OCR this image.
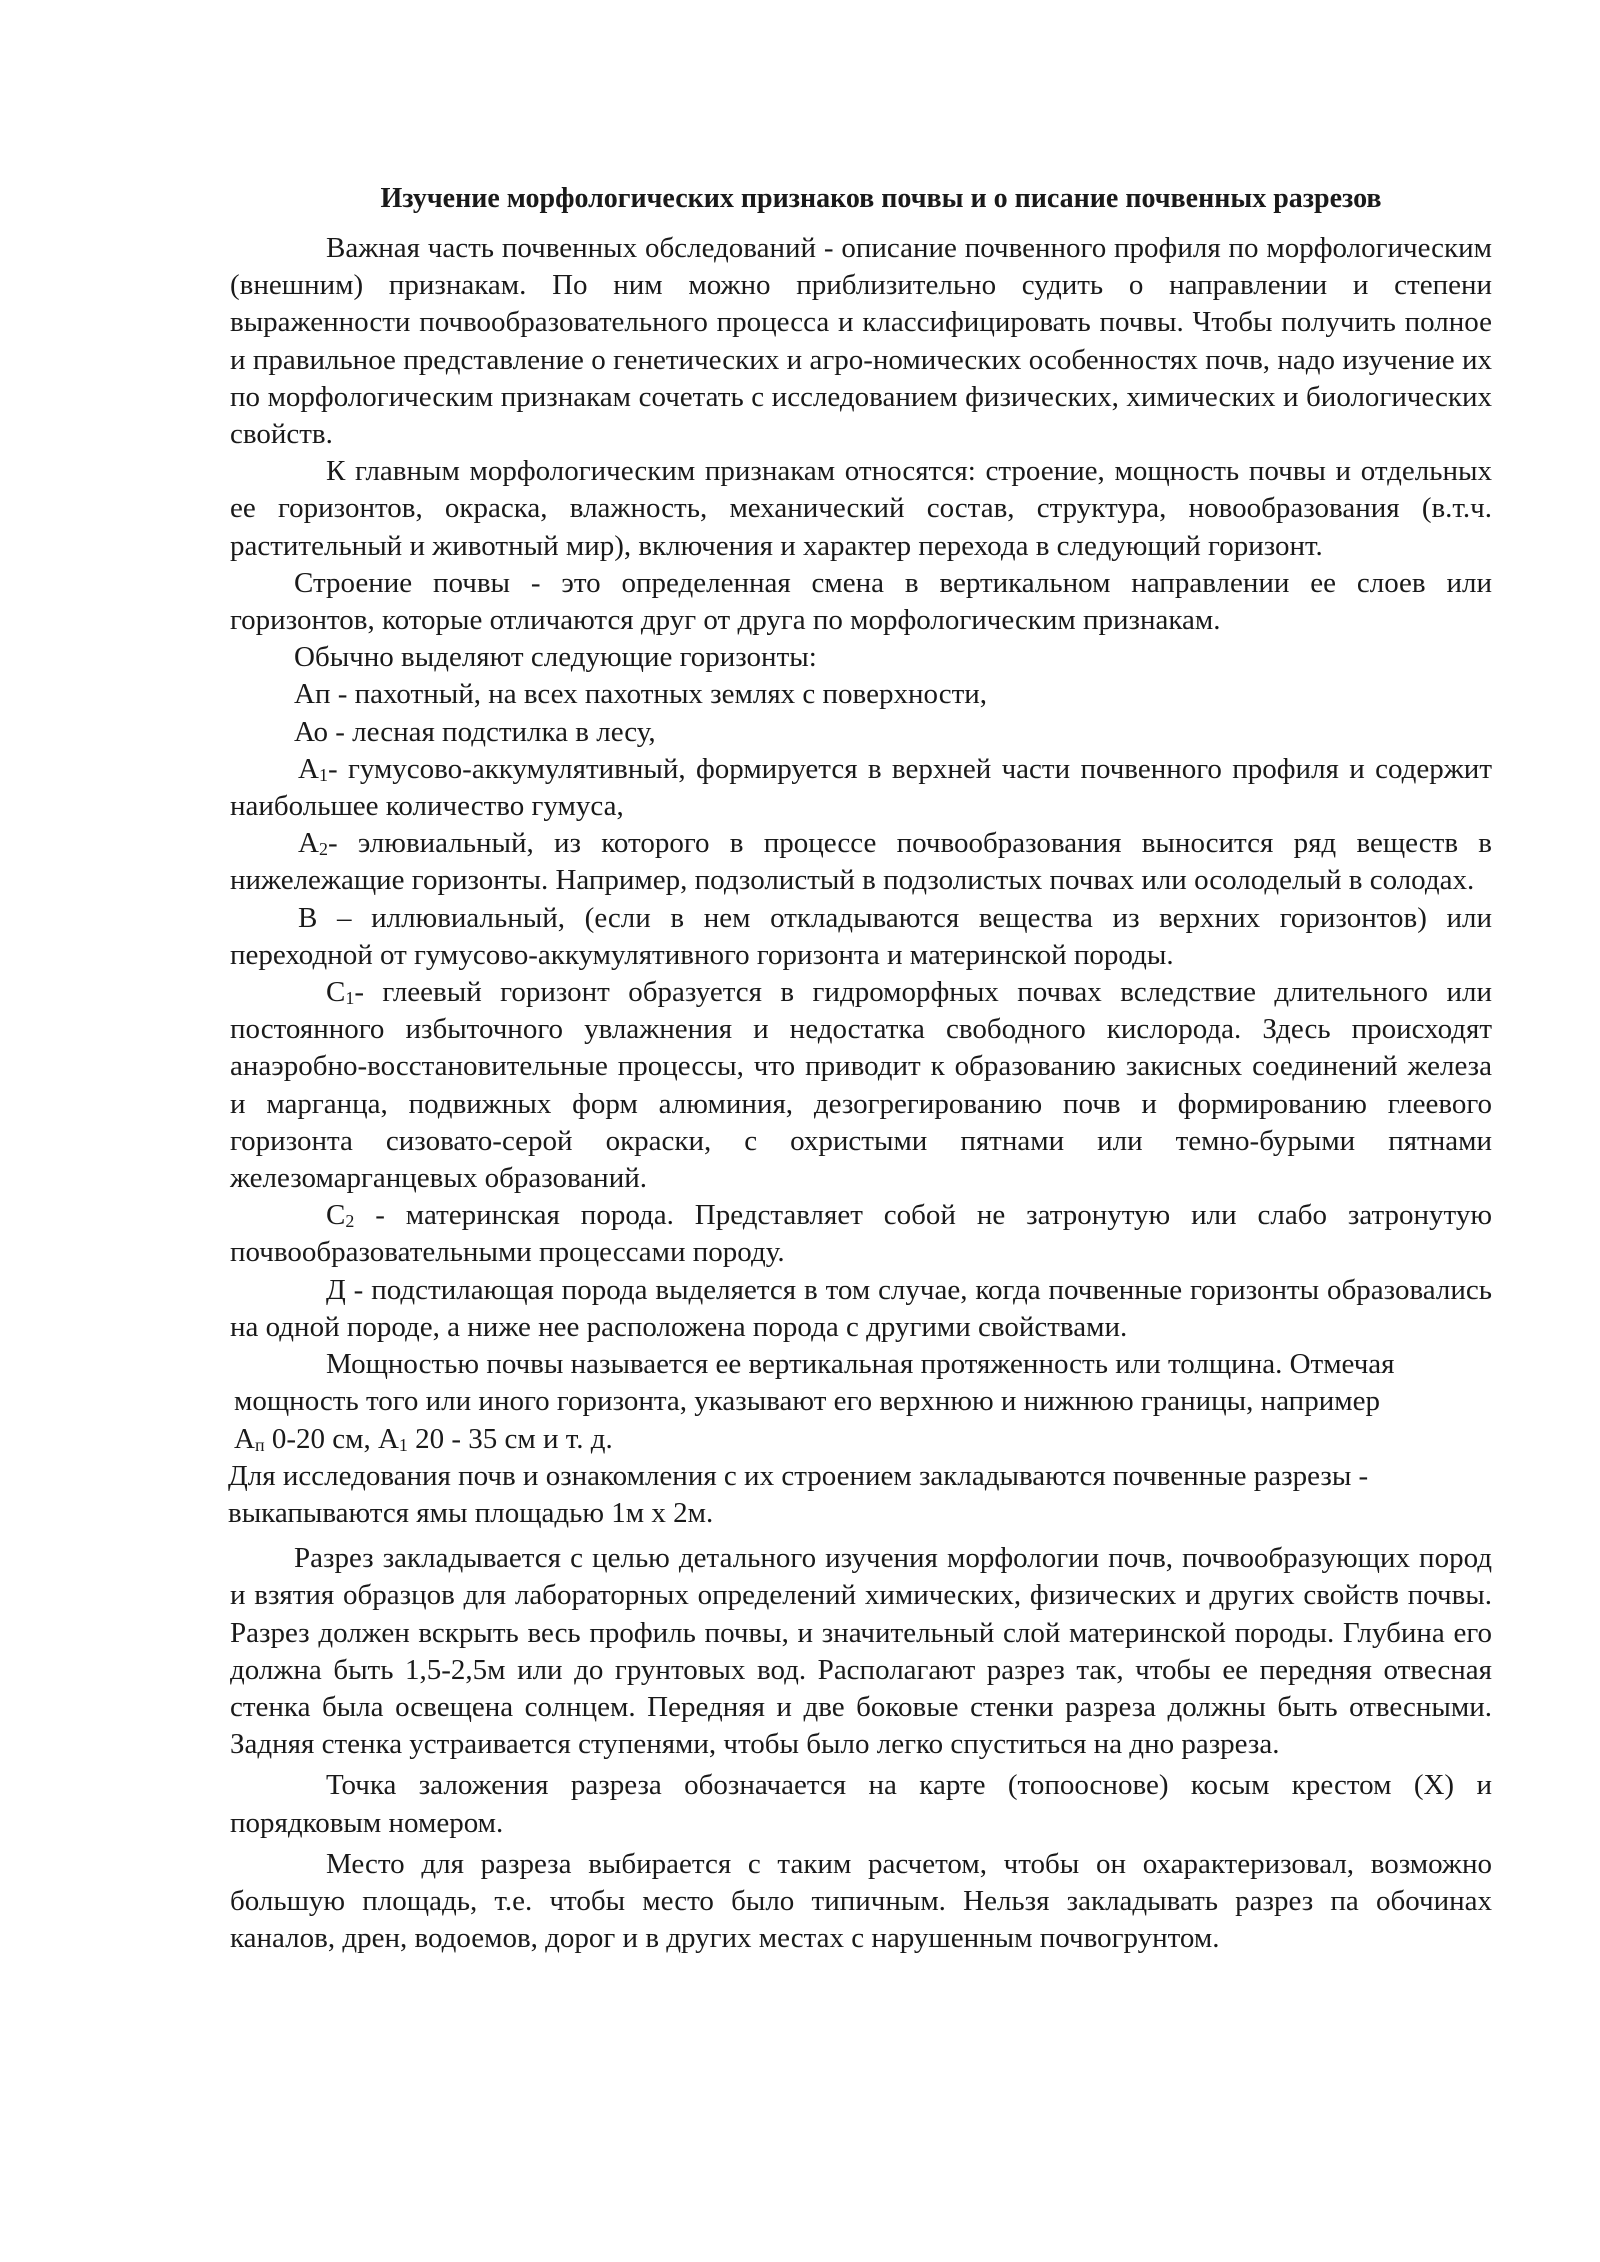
Изучение морфологических признаков почвы и о писание почвенных разрезов

Важная часть почвенных обследований - описание почвенного профиля по морфологическим (внешним) признакам. По ним можно приблизительно судить о направлении и степени выраженности почвообразовательного процесса и классифицировать почвы. Чтобы получить полное и правильное представление о генетических и агро-номических особенностях почв, надо изучение их по морфологическим признакам сочетать с исследованием физических, химических и биологических свойств.

К главным морфологическим признакам относятся: строение, мощность почвы и отдельных ее горизонтов, окраска, влажность, механический состав, структура, новообразования (в.т.ч. растительный и животный мир), включения и характер перехода в следующий горизонт.

Строение почвы - это определенная смена в вертикальном направлении ее слоев или горизонтов, которые отличаются друг от друга по морфологическим признакам.

Обычно выделяют следующие горизонты:

Ап - пахотный, на всех пахотных землях с поверхности,

Ао - лесная подстилка в лесу,

$А_1-$ гумусово-аккумулятивный, формируется в верхней части почвенного профиля и содержит наибольшее количество гумуса,

$А_2-$ элювиальный, из которого в процессе почвообразования выносится ряд веществ в нижележащие горизонты. Например, подзолистый в подзолистых почвах или осолоделый в солодах.

В – иллювиальный, (если в нем откладываются вещества из верхних горизонтов) или переходной от гумусово-аккумулятивного горизонта и материнской породы.

$С_1-$ глеевый горизонт образуется в гидроморфных почвах вследствие длительного или постоянного избыточного увлажнения и недостатка свободного кислорода. Здесь происходят анаэробно-восстановительные процессы, что приводит к образованию закисных соединений железа и марганца, подвижных форм алюминия, дезогрегированию почв и формированию глеевого горизонта сизовато-серой окраски, с охристыми пятнами или темно-бурыми пятнами железомарганцевых образований.

$С_2$ - материнская порода. Представляет собой не затронутую или слабо затронутую почвообразовательными процессами породу.

Д - подстилающая порода выделяется в том случае, когда почвенные горизонты образовались на одной породе, а ниже нее расположена порода с другими свойствами.

Мощностью почвы называется ее вертикальная протяженность или толщина. Отмечая

мощность того или иного горизонта, указывают его верхнюю и нижнюю границы, например

$А_п$ 0-20 см, $А_1$ 20 - 35 см и т. д.

Для исследования почв и ознакомления с их строением закладываются почвенные разрезы - выкапываются ямы площадью 1м х 2м.

Разрез закладывается с целью детального изучения морфологии почв, почвообразующих пород и взятия образцов для лабораторных определений химических, физических и других свойств почвы. Разрез должен вскрыть весь профиль почвы, и значительный слой материнской породы. Глубина его должна быть 1,5-2,5м или до грунтовых вод. Располагают разрез так, чтобы ее передняя отвесная стенка была освещена солнцем. Передняя и две боковые стенки разреза должны быть отвесными. Задняя стенка устраивается ступенями, чтобы было легко спуститься на дно разреза.

Точка заложения разреза обозначается на карте (топооснове) косым крестом (Х) и порядковым номером.

Место для разреза выбирается с таким расчетом, чтобы он охарактеризовал, возможно большую площадь, т.е. чтобы место было типичным. Нельзя закладывать разрез па обочинах каналов, дрен, водоемов, дорог и в других местах с нарушенным почвогрунтом.
